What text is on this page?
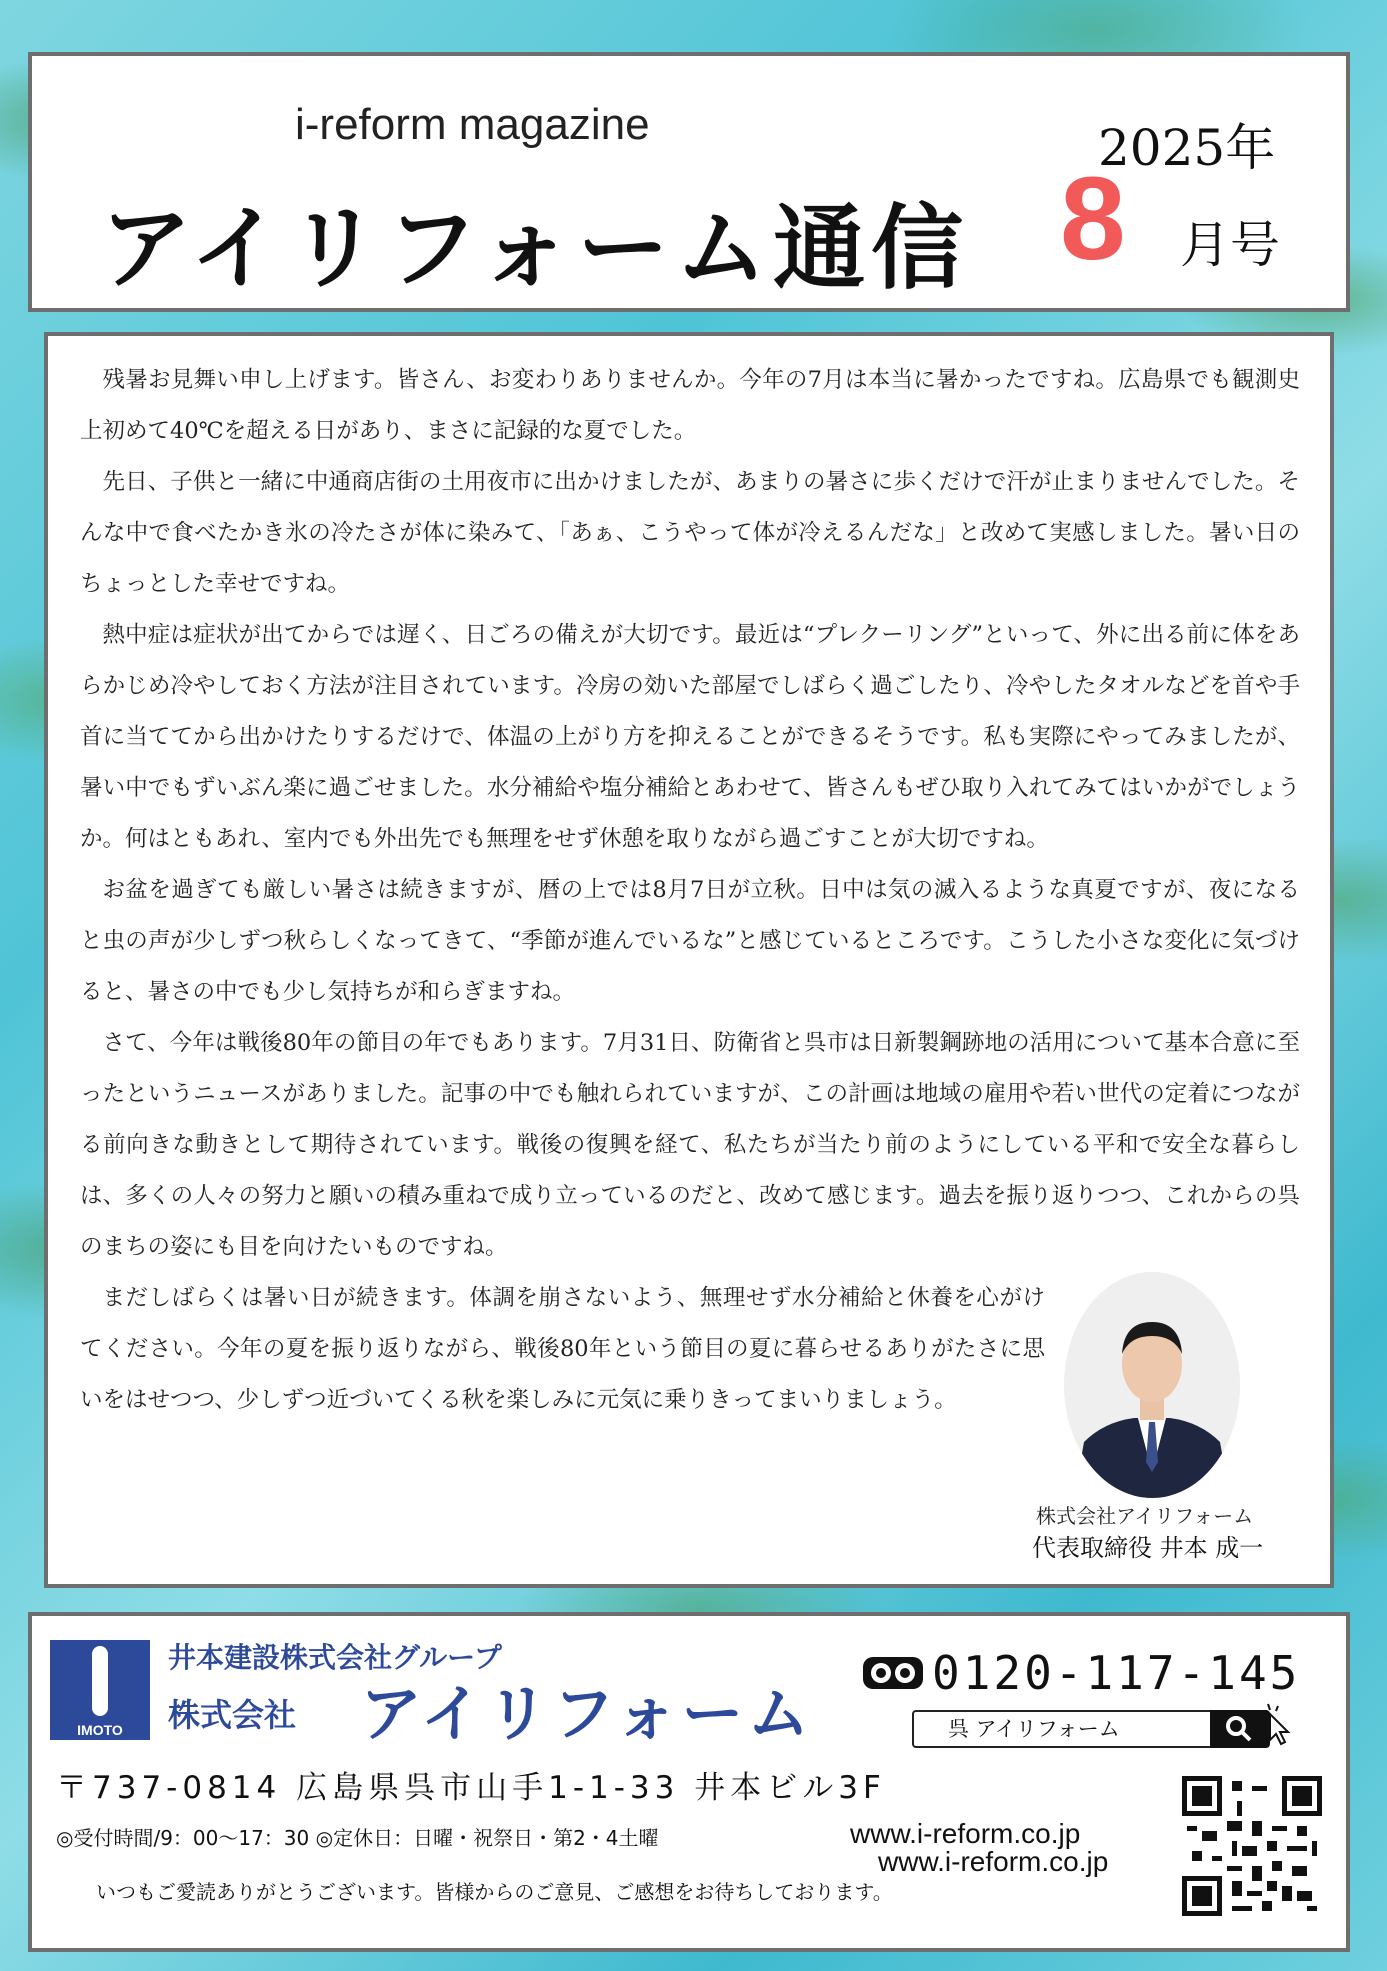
i-reform magazine
アイリフォーム通信
2025年
8 月号

残暑お見舞い申し上げます。皆さん、お変わりありませんか。今年の7月は本当に暑かったですね。広島県でも観測史上初めて40℃を超える日があり、まさに記録的な夏でした。

先日、子供と一緒に中通商店街の土用夜市に出かけましたが、あまりの暑さに歩くだけで汗が止まりませんでした。そんな中で食べたかき氷の冷たさが体に染みて、「あぁ、こうやって体が冷えるんだな」と改めて実感しました。暑い日のちょっとした幸せですね。

熱中症は症状が出てからでは遅く、日ごろの備えが大切です。最近は“プレクーリング”といって、外に出る前に体をあらかじめ冷やしておく方法が注目されています。冷房の効いた部屋でしばらく過ごしたり、冷やしたタオルなどを首や手首に当ててから出かけたりするだけで、体温の上がり方を抑えることができるそうです。私も実際にやってみましたが、暑い中でもずいぶん楽に過ごせました。水分補給や塩分補給とあわせて、皆さんもぜひ取り入れてみてはいかがでしょうか。何はともあれ、室内でも外出先でも無理をせず休憩を取りながら過ごすことが大切ですね。

お盆を過ぎても厳しい暑さは続きますが、暦の上では8月7日が立秋。日中は気の滅入るような真夏ですが、夜になると虫の声が少しずつ秋らしくなってきて、“季節が進んでいるな”と感じているところです。こうした小さな変化に気づけると、暑さの中でも少し気持ちが和らぎますね。

さて、今年は戦後80年の節目の年でもあります。7月31日、防衛省と呉市は日新製鋼跡地の活用について基本合意に至ったというニュースがありました。記事の中でも触れられていますが、この計画は地域の雇用や若い世代の定着につながる前向きな動きとして期待されています。戦後の復興を経て、私たちが当たり前のようにしている平和で安全な暮らしは、多くの人々の努力と願いの積み重ねで成り立っているのだと、改めて感じます。過去を振り返りつつ、これからの呉のまちの姿にも目を向けたいものですね。

まだしばらくは暑い日が続きます。体調を崩さないよう、無理せず水分補給と休養を心がけてください。今年の夏を振り返りながら、戦後80年という節目の夏に暮らせるありがたさに思いをはせつつ、少しずつ近づいてくる秋を楽しみに元気に乗りきってまいりましょう。

株式会社アイリフォーム
代表取締役 井本 成一
IMOTO
井本建設株式会社グループ
株式会社 アイリフォーム
0120-117-145
呉 アイリフォーム
〒737-0814 広島県呉市山手1-1-33 井本ビル3F
◎受付時間/9：00～17：30 ◎定休日：日曜・祝祭日・第2・4土曜	www.i-reform.co.jp
www.i-reform.co.jp
いつもご愛読ありがとうございます。皆様からのご意見、ご感想をお待ちしております。
